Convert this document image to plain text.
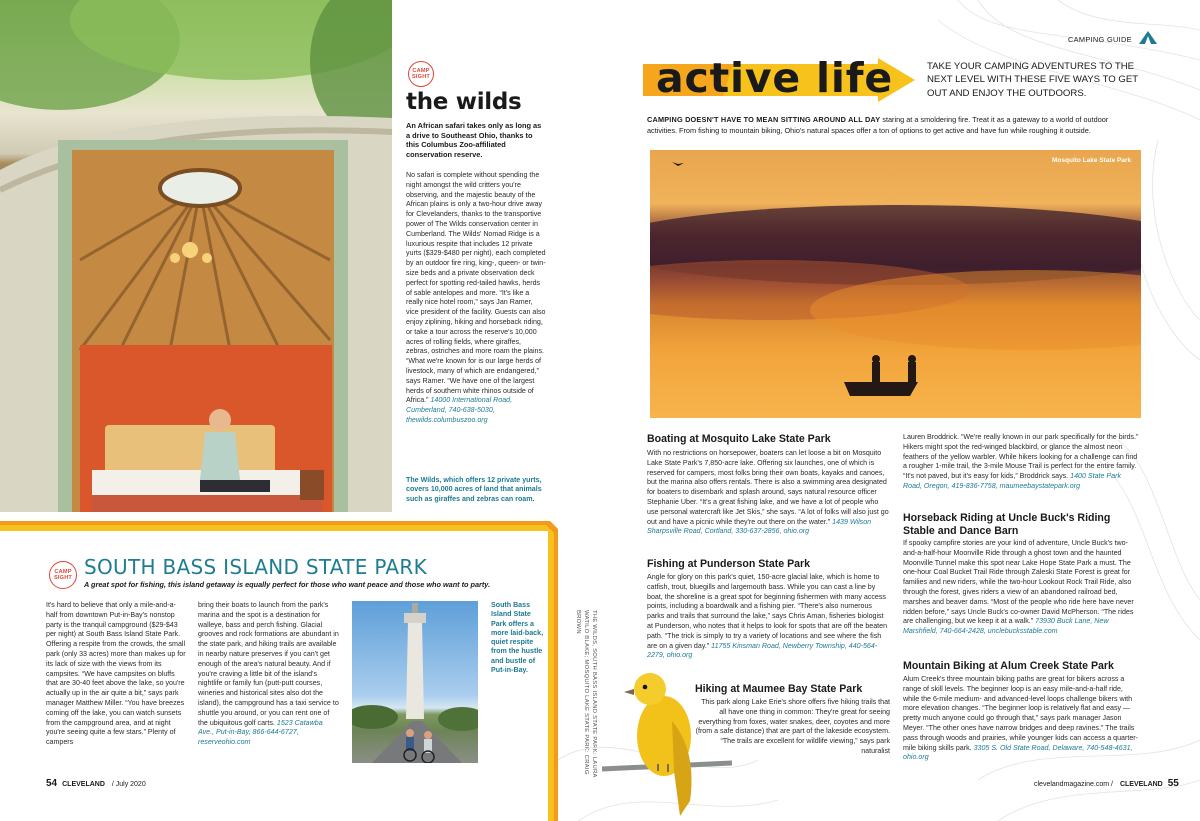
CAMP
SIGHT
the wilds
An African safari takes only as long as a drive to Southeast Ohio, thanks to this Columbus Zoo-affiliated conservation reserve.
No safari is complete without spending the night amongst the wild critters you're observing, and the majestic beauty of the African plains is only a two-hour drive away for Clevelanders, thanks to the transportive power of The Wilds conservation center in Cumberland. The Wilds' Nomad Ridge is a luxurious respite that includes 12 private yurts ($329-$480 per night), each completed by an outdoor fire ring, king-, queen- or twin-size beds and a private observation deck perfect for spotting red-tailed hawks, herds of sable antelopes and more. “It's like a really nice hotel room,” says Jan Ramer, vice president of the facility. Guests can also enjoy ziplining, hiking and horseback riding, or take a tour across the reserve's 10,000 acres of rolling fields, where giraffes, zebras, ostriches and more roam the plains. “What we're known for is our large herds of livestock, many of which are endangered,” says Ramer. “We have one of the largest herds of southern white rhinos outside of Africa.” 14000 International Road, Cumberland, 740-638-5030, thewilds.columbuszoo.org
The Wilds, which offers 12 private yurts, covers 10,000 acres of land that animals such as giraffes and zebras can roam.
CAMP
SIGHT SOUTH BASS ISLAND STATE PARK
A great spot for fishing, this island getaway is equally perfect for those who want peace and those who want to party.
It's hard to believe that only a mile-and-a-half from downtown Put-in-Bay's nonstop party is the tranquil campground ($29-$43 per night) at South Bass Island State Park. Offering a respite from the crowds, the small park (only 33 acres) more than makes up for its lack of size with the views from its campsites. “We have campsites on bluffs that are 30-40 feet above the lake, so you're actually up in the air quite a bit,” says park manager Matthew Miller. “You have breezes coming off the lake, you can watch sunsets from the campground area, and at night you're seeing quite a few stars.” Plenty of campers
bring their boats to launch from the park's marina and the spot is a destination for walleye, bass and perch fishing. Glacial grooves and rock formations are abundant in the state park, and hiking trails are available in nearby nature preserves if you can't get enough of the area's natural beauty. And if you're craving a little bit of the island's nightlife or family fun (putt-putt courses, wineries and historical sites also dot the island), the campground has a taxi service to shuttle you around, or you can rent one of the ubiquitous golf carts. 1523 Catawba Ave., Put-in-Bay, 866-644-6727, reserveohio.com
South Bass Island State Park offers a more laid-back, quiet respite from the hustle and bustle of Put-in-Bay.
54 CLEVELAND / July 2020
THE WILDS, SOUTH BASS ISLAND STATE PARK: LAURA WATILO BLAKE; MOSQUITO LAKE STATE PARK: CRAIG BROWN
CAMPING GUIDE
active life	TAKE YOUR CAMPING ADVENTURES TO THE NEXT LEVEL WITH THESE FIVE WAYS TO GET OUT AND ENJOY THE OUTDOORS.
CAMPING DOESN'T HAVE TO MEAN SITTING AROUND ALL DAY staring at a smoldering fire. Treat it as a gateway to a world of outdoor activities. From fishing to mountain biking, Ohio's natural spaces offer a ton of options to get active and have fun while roughing it outside.
Mosquito Lake State Park
Boating at Mosquito Lake State Park
With no restrictions on horsepower, boaters can let loose a bit on Mosquito Lake State Park's 7,850-acre lake. Offering six launches, one of which is reserved for campers, most folks bring their own boats, kayaks and canoes, but the marina also offers rentals. There is also a swimming area designated for boaters to disembark and splash around, says natural resource officer Stephanie Uber. “It's a great fishing lake, and we have a lot of people who use personal watercraft like Jet Skis,” she says. “A lot of folks will also just go out and have a picnic while they're out there on the water.” 1439 Wilson Sharpsville Road, Cortland, 330-637-2856, ohio.org
Fishing at Punderson State Park
Angle for glory on this park's quiet, 150-acre glacial lake, which is home to catfish, trout, bluegills and largemouth bass. While you can cast a line by boat, the shoreline is a great spot for beginning fishermen with many access points, including a boardwalk and a fishing pier. “There's also numerous parks and trails that surround the lake,” says Chris Aman, fisheries biologist at Punderson, who notes that it helps to look for spots that are off the beaten path. “The trick is simply to try a variety of locations and see where the fish are on a given day.” 11755 Kinsman Road, Newberry Township, 440-564-2279, ohio.org
Hiking at Maumee Bay State Park
This park along Lake Erie's shore offers five hiking trails that all have one thing in common: They're great for seeing everything from foxes, water snakes, deer, coyotes and more (from a safe distance) that are part of the lakeside ecosystem. “The trails are excellent for wildlife viewing,” says park naturalist
Lauren Broddrick. “We're really known in our park specifically for the birds.” Hikers might spot the red-winged blackbird, or glance the almost neon feathers of the yellow warbler. While hikers looking for a challenge can find a rougher 1-mile trail, the 3-mile Mouse Trail is perfect for the entire family. “It's not paved, but it's easy for kids,” Broddrick says. 1400 State Park Road, Oregon, 419-836-7758, maumeebaystatepark.org
Horseback Riding at Uncle Buck's Riding Stable and Dance Barn
If spooky campfire stories are your kind of adventure, Uncle Buck's two-and-a-half-hour Moonville Ride through a ghost town and the haunted Moonville Tunnel make this spot near Lake Hope State Park a must. The one-hour Coal Bucket Trail Ride through Zaleski State Forest is great for families and new riders, while the two-hour Lookout Rock Trail Ride, also through the forest, gives riders a view of an abandoned railroad bed, marshes and beaver dams. “Most of the people who ride here have never ridden before,” says Uncle Buck's co-owner David McPherson. “The rides are challenging, but we keep it at a walk.” 73930 Buck Lane, New Marshfield, 740-664-2428, unclebucksstable.com
Mountain Biking at Alum Creek State Park
Alum Creek's three mountain biking paths are great for bikers across a range of skill levels. The beginner loop is an easy mile-and-a-half ride, while the 6-mile medium- and advanced-level loops challenge bikers with more elevation changes. “The beginner loop is relatively flat and easy — pretty much anyone could go through that,” says park manager Jason Meyer. “The other ones have narrow bridges and deep ravines.” The trails pass through woods and prairies, while younger kids can access a quarter-mile biking skills park. 3305 S. Old State Road, Delaware, 740-548-4631, ohio.org
clevelandmagazine.com / CLEVELAND 55
